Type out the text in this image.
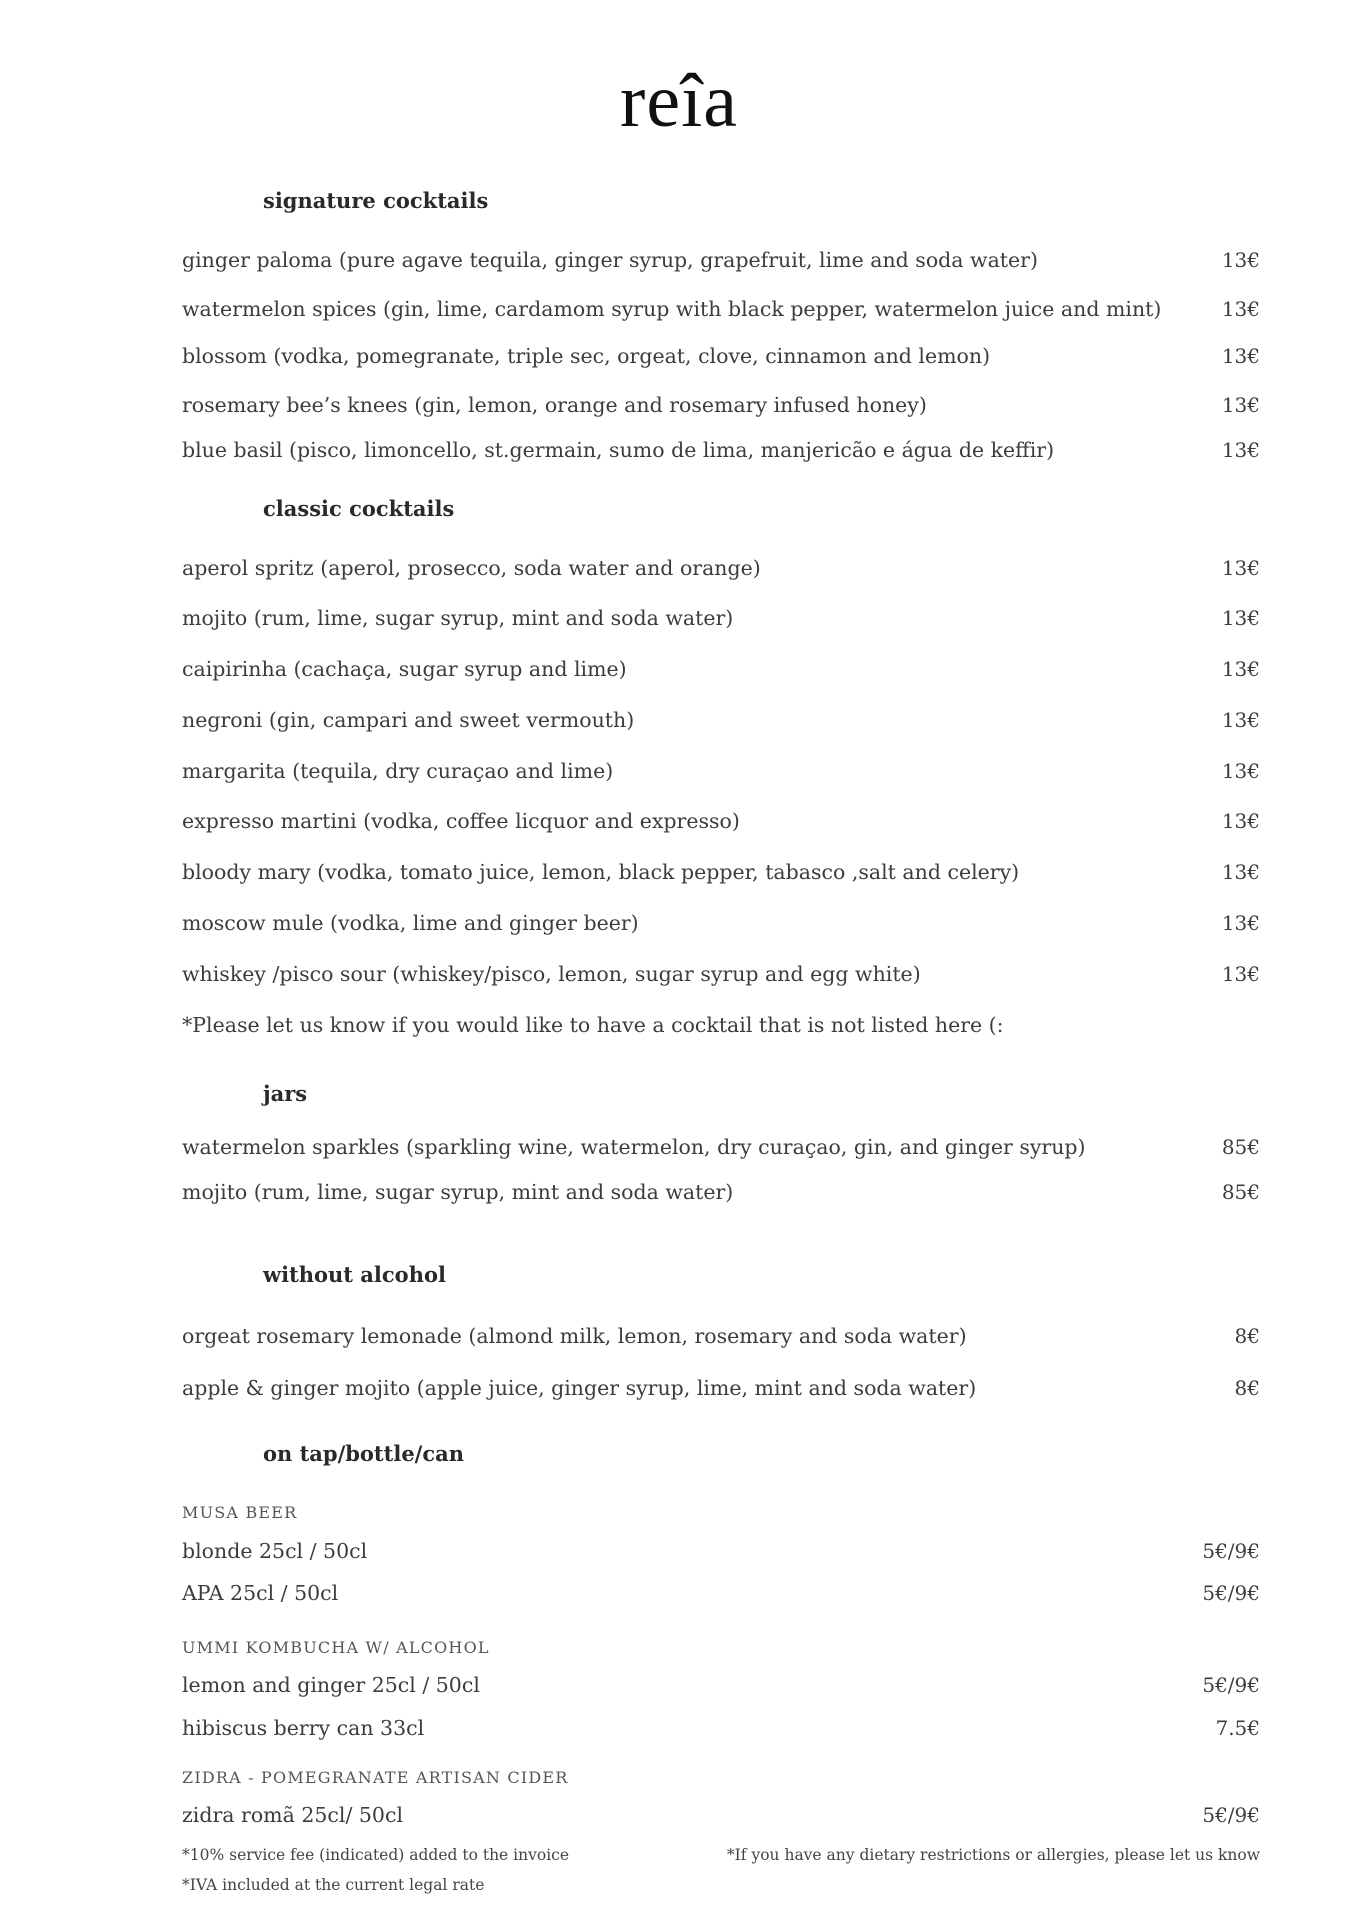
reîa
signature cocktails
ginger paloma (pure agave tequila, ginger syrup, grapefruit, lime and soda water)	13€
watermelon spices (gin, lime, cardamom syrup with black pepper, watermelon juice and mint)	13€
blossom (vodka, pomegranate, triple sec, orgeat, clove, cinnamon and lemon)	13€
rosemary bee’s knees (gin, lemon, orange and rosemary infused honey)	13€
blue basil (pisco, limoncello, st.germain, sumo de lima, manjericão e água de keffir)	13€
classic cocktails
aperol spritz (aperol, prosecco, soda water and orange)	13€
mojito (rum, lime, sugar syrup, mint and soda water)	13€
caipirinha (cachaça, sugar syrup and lime)	13€
negroni (gin, campari and sweet vermouth)	13€
margarita (tequila, dry curaçao and lime)	13€
expresso martini (vodka, coffee licquor and expresso)	13€
bloody mary (vodka, tomato juice, lemon, black pepper, tabasco ,salt and celery)	13€
moscow mule (vodka, lime and ginger beer)	13€
whiskey /pisco sour (whiskey/pisco, lemon, sugar syrup and egg white)	13€
*Please let us know if you would like to have a cocktail that is not listed here (:
jars
watermelon sparkles (sparkling wine, watermelon, dry curaçao, gin, and ginger syrup)	85€
mojito (rum, lime, sugar syrup, mint and soda water)	85€
without alcohol
orgeat rosemary lemonade (almond milk, lemon, rosemary and soda water)	8€
apple & ginger mojito (apple juice, ginger syrup, lime, mint and soda water)	8€
on tap/bottle/can
MUSA BEER
blonde 25cl / 50cl	5€/9€
APA 25cl / 50cl	5€/9€
UMMI KOMBUCHA W/ ALCOHOL
lemon and ginger 25cl / 50cl	5€/9€
hibiscus berry can 33cl	7.5€
ZIDRA - POMEGRANATE ARTISAN CIDER
zidra romã 25cl/ 50cl	5€/9€
*10% service fee (indicated) added to the invoice
*IVA included at the current legal rate
*If you have any dietary restrictions or allergies, please let us know
